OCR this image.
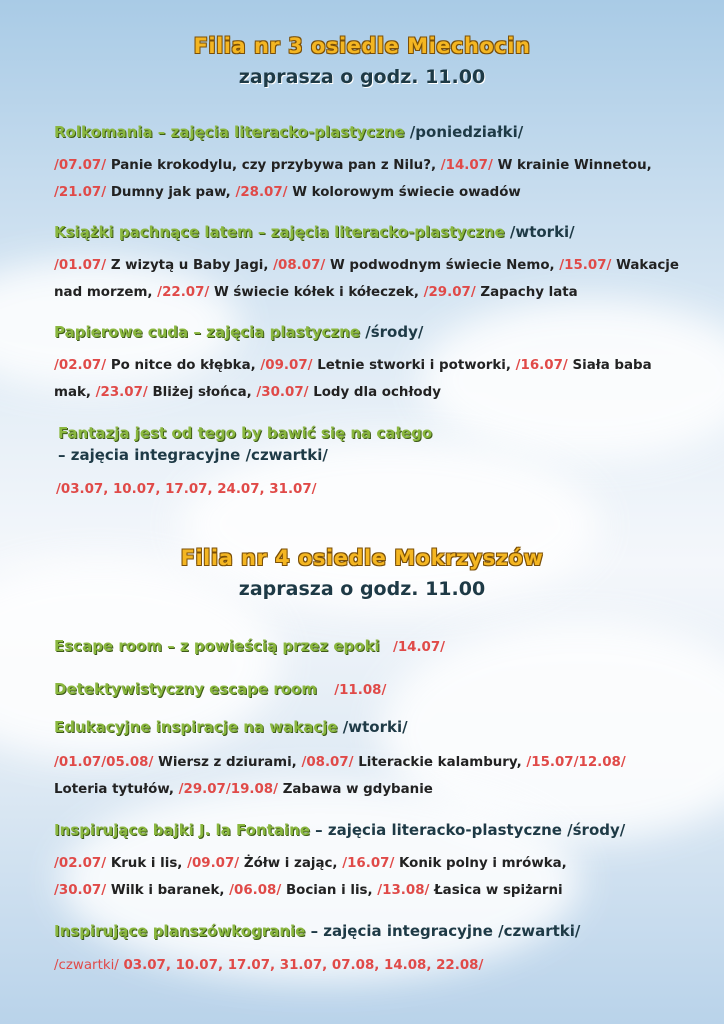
Filia nr 3 osiedle Miechocin
zaprasza o godz. 11.00
Rolkomania – zajęcia literacko-plastyczne /poniedziałki/
/07.07/ Panie krokodylu, czy przybywa pan z Nilu?, /14.07/ W krainie Winnetou,
/21.07/ Dumny jak paw, /28.07/ W kolorowym świecie owadów
Książki pachnące latem – zajęcia literacko-plastyczne /wtorki/
/01.07/ Z wizytą u Baby Jagi, /08.07/ W podwodnym świecie Nemo, /15.07/ Wakacje
nad morzem, /22.07/ W świecie kółek i kółeczek, /29.07/ Zapachy lata
Papierowe cuda – zajęcia plastyczne /środy/
/02.07/ Po nitce do kłębka, /09.07/ Letnie stworki i potworki, /16.07/ Siała baba
mak, /23.07/ Bliżej słońca, /30.07/ Lody dla ochłody
Fantazja jest od tego by bawić się na całego
– zajęcia integracyjne /czwartki/
/03.07, 10.07, 17.07, 24.07, 31.07/
Filia nr 4 osiedle Mokrzyszów
zaprasza o godz. 11.00
Escape room – z powieścią przez epoki /14.07/
Detektywistyczny escape room /11.08/
Edukacyjne inspiracje na wakacje /wtorki/
/01.07/05.08/ Wiersz z dziurami, /08.07/ Literackie kalambury, /15.07/12.08/
Loteria tytułów, /29.07/19.08/ Zabawa w gdybanie
Inspirujące bajki J. la Fontaine – zajęcia literacko-plastyczne /środy/
/02.07/ Kruk i lis, /09.07/ Żółw i zając, /16.07/ Konik polny i mrówka,
/30.07/ Wilk i baranek, /06.08/ Bocian i lis, /13.08/ Łasica w spiżarni
Inspirujące planszówkogranie – zajęcia integracyjne /czwartki/
/czwartki/ 03.07, 10.07, 17.07, 31.07, 07.08, 14.08, 22.08/
